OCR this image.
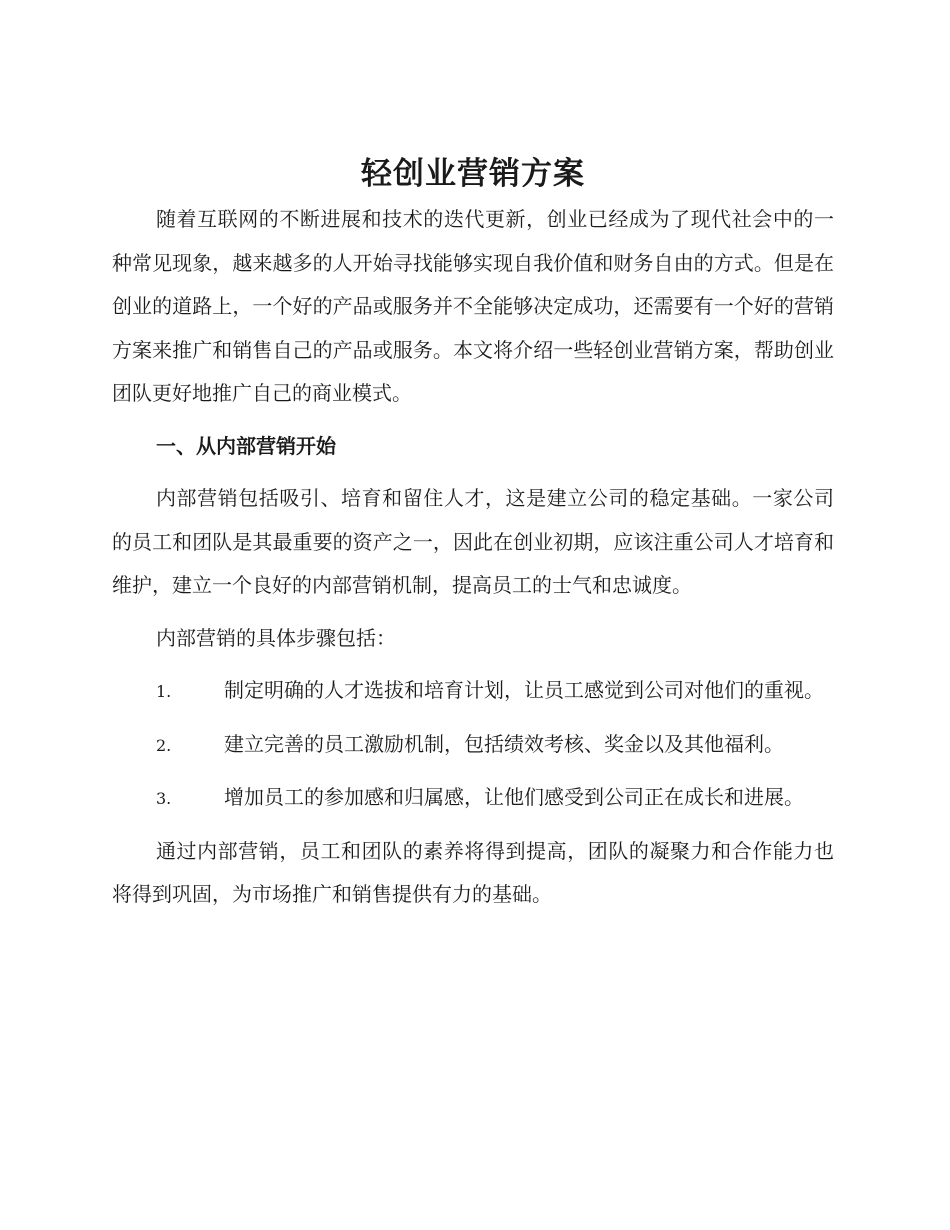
轻创业营销方案

随着互联网的不断进展和技术的迭代更新，创业已经成为了现代社会中的一种常见现象，越来越多的人开始寻找能够实现自我价值和财务自由的方式。但是在创业的道路上，一个好的产品或服务并不全能够决定成功，还需要有一个好的营销方案来推广和销售自己的产品或服务。本文将介绍一些轻创业营销方案，帮助创业团队更好地推广自己的商业模式。

一、从内部营销开始

内部营销包括吸引、培育和留住人才，这是建立公司的稳定基础。一家公司的员工和团队是其最重要的资产之一，因此在创业初期，应该注重公司人才培育和维护，建立一个良好的内部营销机制，提高员工的士气和忠诚度。

内部营销的具体步骤包括：

1.	制定明确的人才选拔和培育计划，让员工感觉到公司对他们的重视。

2.	建立完善的员工激励机制，包括绩效考核、奖金以及其他福利。

3.	增加员工的参加感和归属感，让他们感受到公司正在成长和进展。

通过内部营销，员工和团队的素养将得到提高，团队的凝聚力和合作能力也将得到巩固，为市场推广和销售提供有力的基础。
